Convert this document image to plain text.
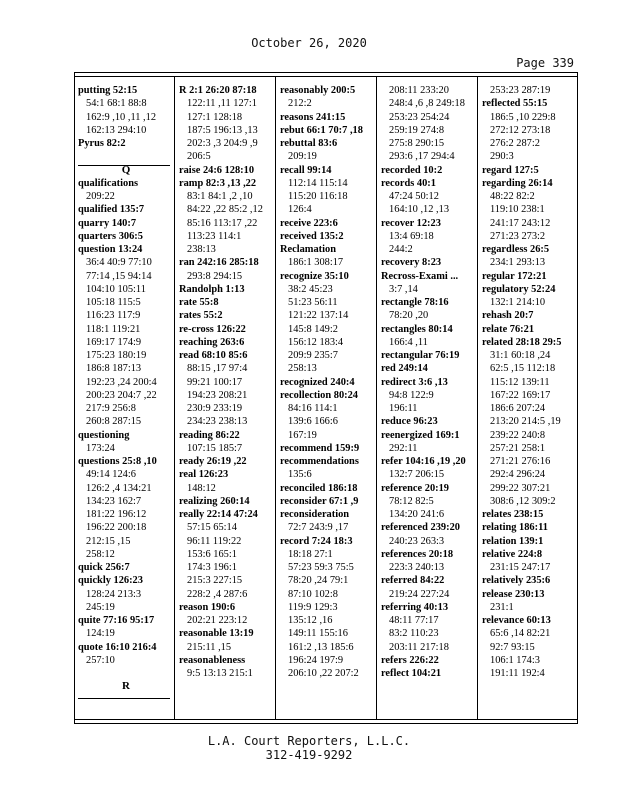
October 26, 2020
Page 339
putting 52:15
54:1 68:1 88:8
162:9 ,10 ,11 ,12
162:13 294:10
Pyrus 82:2
Q
qualifications
209:22
qualified 135:7
quarry 140:7
quarters 306:5
question 13:24
36:4 40:9 77:10
77:14 ,15 94:14
104:10 105:11
105:18 115:5
116:23 117:9
118:1 119:21
169:17 174:9
175:23 180:19
186:8 187:13
192:23 ,24 200:4
200:23 204:7 ,22
217:9 256:8
260:8 287:15
questioning
173:24
questions 25:8 ,10
49:14 124:6
126:2 ,4 134:21
134:23 162:7
181:22 196:12
196:22 200:18
212:15 ,15
258:12
quick 256:7
quickly 126:23
128:24 213:3
245:19
quite 77:16 95:17
124:19
quote 16:10 216:4
257:10
R
R 2:1 26:20 87:18
122:11 ,11 127:1
127:1 128:18
187:5 196:13 ,13
202:3 ,3 204:9 ,9
206:5
raise 24:6 128:10
ramp 82:3 ,13 ,22
83:1 84:1 ,2 ,10
84:22 ,22 85:2 ,12
85:16 113:17 ,22
113:23 114:1
238:13
ran 242:16 285:18
293:8 294:15
Randolph 1:13
rate 55:8
rates 55:2
re-cross 126:22
reaching 263:6
read 68:10 85:6
88:15 ,17 97:4
99:21 100:17
194:23 208:21
230:9 233:19
234:23 238:13
reading 86:22
107:15 185:7
ready 26:19 ,22
real 126:23
148:12
realizing 260:14
really 22:14 47:24
57:15 65:14
96:11 119:22
153:6 165:1
174:3 196:1
215:3 227:15
228:2 ,4 287:6
reason 190:6
202:21 223:12
reasonable 13:19
215:11 ,15
reasonableness
9:5 13:13 215:1
reasonably 200:5
212:2
reasons 241:15
rebut 66:1 70:7 ,18
rebuttal 83:6
209:19
recall 99:14
112:14 115:14
115:20 116:18
126:4
receive 223:6
received 135:2
Reclamation
186:1 308:17
recognize 35:10
38:2 45:23
51:23 56:11
121:22 137:14
145:8 149:2
156:12 183:4
209:9 235:7
258:13
recognized 240:4
recollection 80:24
84:16 114:1
139:6 166:6
167:19
recommend 159:9
recommendations
135:6
reconciled 186:18
reconsider 67:1 ,9
reconsideration
72:7 243:9 ,17
record 7:24 18:3
18:18 27:1
57:23 59:3 75:5
78:20 ,24 79:1
87:10 102:8
119:9 129:3
135:12 ,16
149:11 155:16
161:2 ,13 185:6
196:24 197:9
206:10 ,22 207:2
208:11 233:20
248:4 ,6 ,8 249:18
253:23 254:24
259:19 274:8
275:8 290:15
293:6 ,17 294:4
recorded 10:2
records 40:1
47:24 50:12
164:10 ,12 ,13
recover 12:23
13:4 69:18
244:2
recovery 8:23
Recross-Exami ...
3:7 ,14
rectangle 78:16
78:20 ,20
rectangles 80:14
166:4 ,11
rectangular 76:19
red 249:14
redirect 3:6 ,13
94:8 122:9
196:11
reduce 96:23
reenergized 169:1
292:11
refer 104:16 ,19 ,20
132:7 206:15
reference 20:19
78:12 82:5
134:20 241:6
referenced 239:20
240:23 263:3
references 20:18
223:3 240:13
referred 84:22
219:24 227:24
referring 40:13
48:11 77:17
83:2 110:23
203:11 217:18
refers 226:22
reflect 104:21
253:23 287:19
reflected 55:15
186:5 ,10 229:8
272:12 273:18
276:2 287:2
290:3
regard 127:5
regarding 26:14
48:22 82:2
119:10 238:1
241:17 243:12
271:23 273:2
regardless 26:5
234:1 293:13
regular 172:21
regulatory 52:24
132:1 214:10
rehash 20:7
relate 76:21
related 28:18 29:5
31:1 60:18 ,24
62:5 ,15 112:18
115:12 139:11
167:22 169:17
186:6 207:24
213:20 214:5 ,19
239:22 240:8
257:21 258:1
271:21 276:16
292:4 296:24
299:22 307:21
308:6 ,12 309:2
relates 238:15
relating 186:11
relation 139:1
relative 224:8
231:15 247:17
relatively 235:6
release 230:13
231:1
relevance 60:13
65:6 ,14 82:21
92:7 93:15
106:1 174:3
191:11 192:4
L.A. Court Reporters, L.L.C.
312-419-9292
